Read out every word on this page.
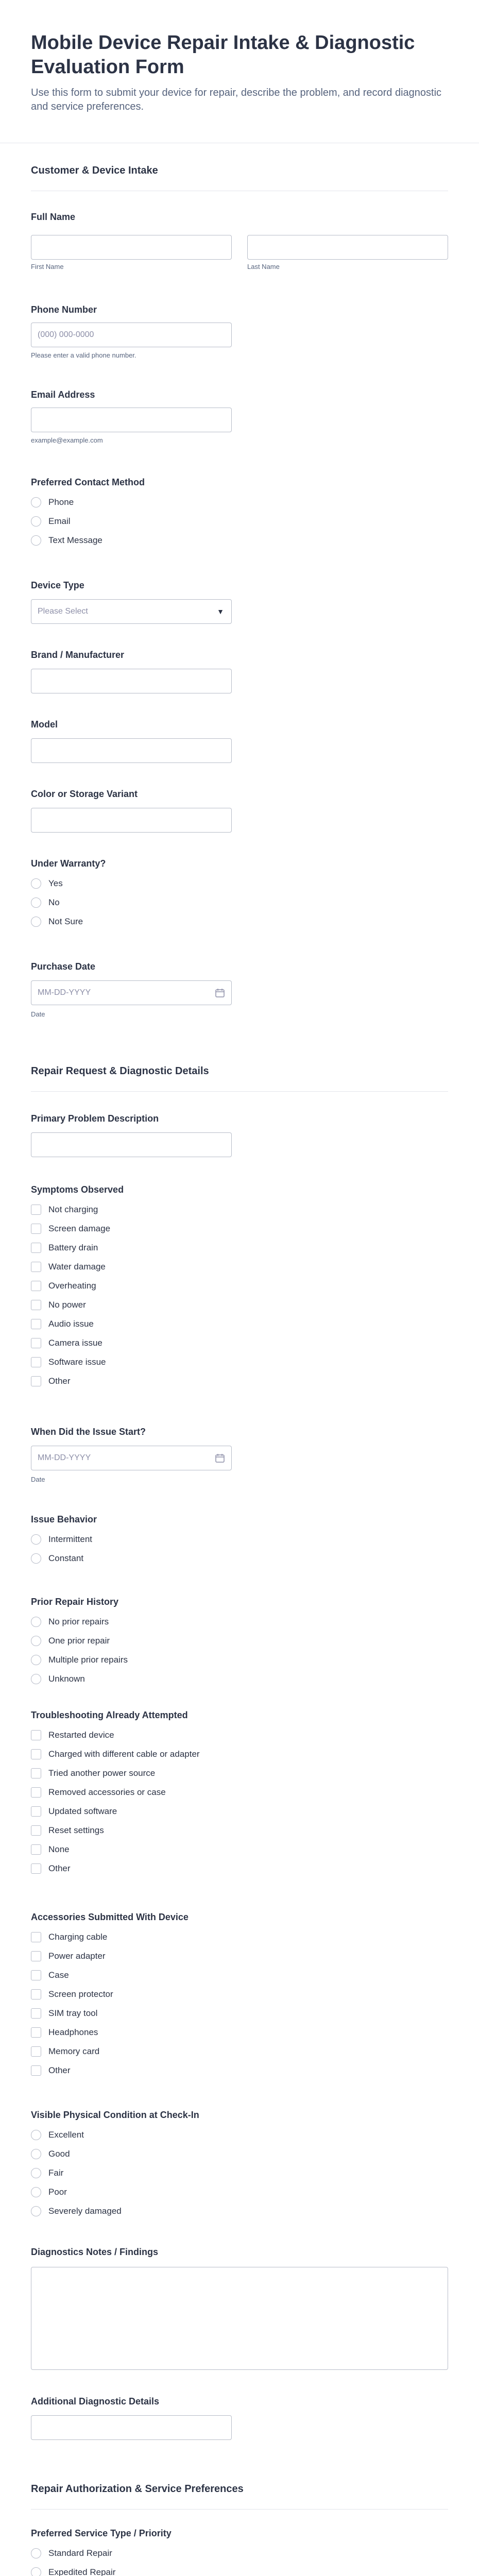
Mobile Device Repair Intake & Diagnostic Evaluation Form

Use this form to submit your device for repair, describe the problem, and record diagnostic and service preferences.

Customer & Device Intake
Full Name
First Name	Last Name
Phone Number
(000) 000-0000
Please enter a valid phone number.
Email Address
example@example.com
Preferred Contact Method
Phone
Email
Text Message
Device Type
Please Select	▼
Brand / Manufacturer
Model
Color or Storage Variant
Under Warranty?
Yes
No
Not Sure
Purchase Date
MM-DD-YYYY
Date
Repair Request & Diagnostic Details
Primary Problem Description
Symptoms Observed
Not charging
Screen damage
Battery drain
Water damage
Overheating
No power
Audio issue
Camera issue
Software issue
Other
When Did the Issue Start?
MM-DD-YYYY
Date
Issue Behavior
Intermittent
Constant
Prior Repair History
No prior repairs
One prior repair
Multiple prior repairs
Unknown
Troubleshooting Already Attempted
Restarted device
Charged with different cable or adapter
Tried another power source
Removed accessories or case
Updated software
Reset settings
None
Other
Accessories Submitted With Device
Charging cable
Power adapter
Case
Screen protector
SIM tray tool
Headphones
Memory card
Other
Visible Physical Condition at Check-In
Excellent
Good
Fair
Poor
Severely damaged
Diagnostics Notes / Findings
Additional Diagnostic Details
Repair Authorization & Service Preferences
Preferred Service Type / Priority
Standard Repair
Expedited Repair
